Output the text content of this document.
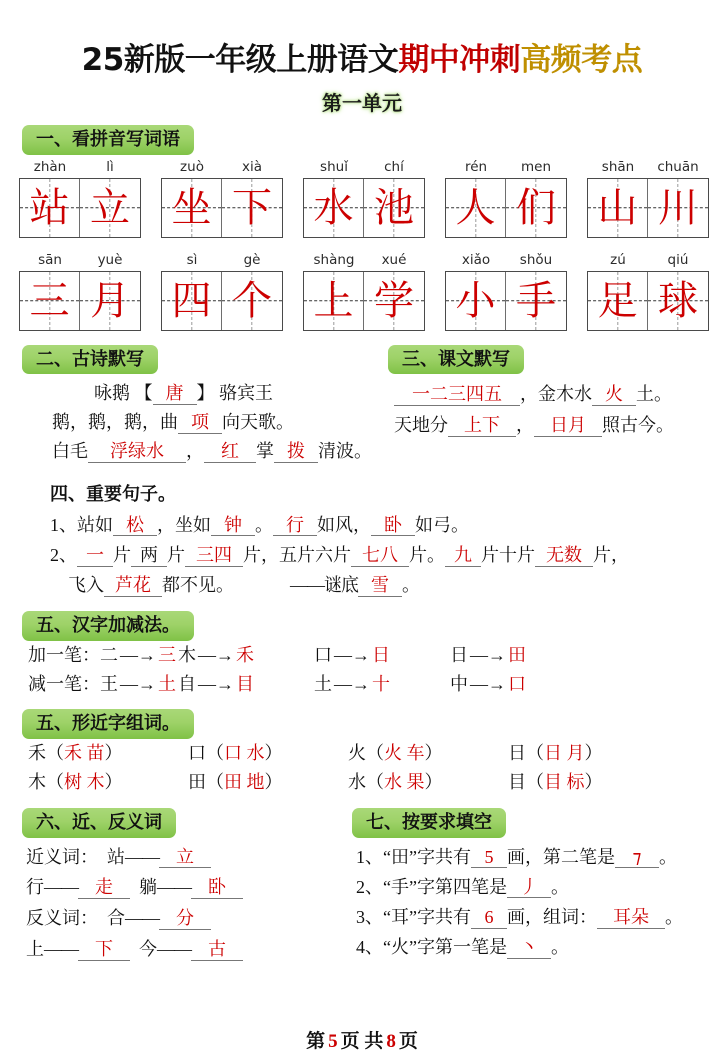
25新版一年级上册语文期中冲刺高频考点
第一单元
一、看拼音写词语
zhàn	lì
站 立
zuò	xià
坐 下
shuǐ	chí
水 池
rén	men
人 们
shān	chuān
山 川
sān	yuè
三 月
sì	gè
四 个
shàng	xué
上 学
xiǎo	shǒu
小 手
zú	qiú
足 球
二、古诗默写
咏鹅 【 唐 】 骆宾王
鹅，鹅，鹅，曲 项 向天歌。
白毛 浮绿水 ， 红 掌 拨 清波。
三、课文默写
一二三四五 ，金木水 火 土。
天地分 上下 ， 日月 照古今。
四、重要句子。
1、站如 松 ，坐如 钟 。 行 如风， 卧 如弓。
2、 一 片 两 片 三四 片，五片六片 七八 片。 九 片十片 无数 片，
飞入 芦花 都不见。	——谜底 雪 。
五、汉字加减法。
加一笔：二 —→ 三 木 —→ 禾	口 —→ 日	日 —→ 田
减一笔：王 —→ 土 自 —→ 目	土 —→ 十	中 —→ 口
五、形近字组词。
禾（禾 苗）	口（口 水）	火（火 车）	日（日 月）
木（树 木）	田（田 地）	水（水 果）	目（目 标）
六、近、反义词
近义词： 站—— 立
行—— 走 躺—— 卧
反义词： 合—— 分
上—— 下 今—— 古
七、按要求填空
1、“田”字共有 5 画，第二笔是 ⁊ 。
2、“手”字第四笔是 丿 。
3、“耳”字共有 6 画，组词： 耳朵 。
4、“火”字第一笔是 丶 。
第 5 页 共 8 页
